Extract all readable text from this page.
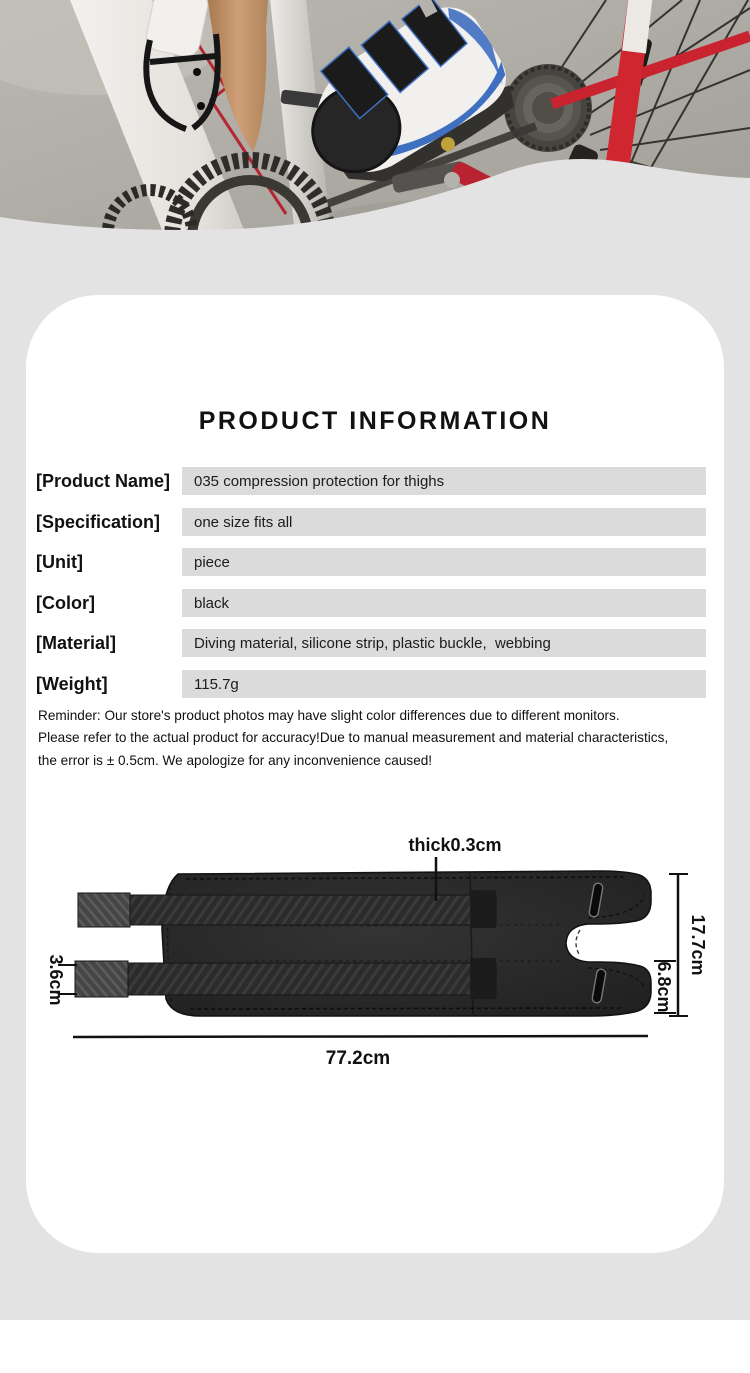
PRODUCT INFORMATION
[Product Name]	035 compression protection for thighs
[Specification]	one size fits all
[Unit]	piece
[Color]	black
[Material]	Diving material, silicone strip, plastic buckle,  webbing
[Weight]	115.7g
Reminder: Our store's product photos may have slight color differences due to different monitors.
Please refer to the actual product for accuracy!Due to manual measurement and material characteristics,
the error is ± 0.5cm. We apologize for any inconvenience caused!
thick0.3cm
3.6cm
17.7cm
6.8cm
77.2cm
